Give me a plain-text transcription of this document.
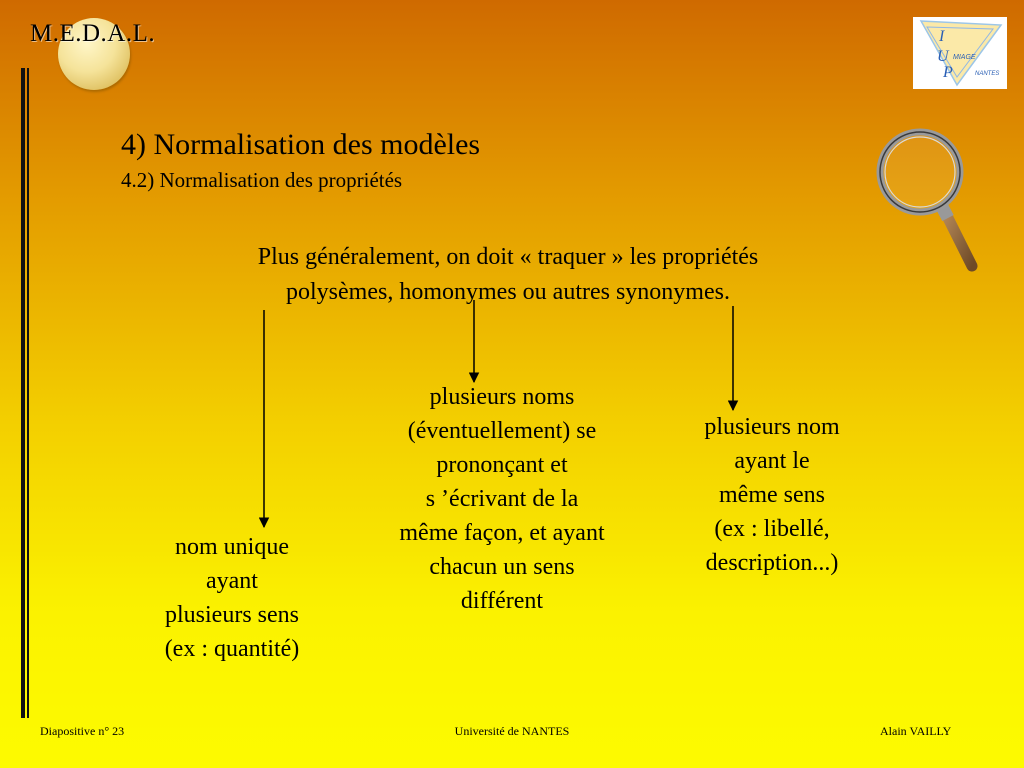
M.E.D.A.L.	I
U
P
MIAGE
NANTES
4) Normalisation des modèles
4.2) Normalisation des propriétés
Plus généralement, on doit « traquer » les propriétés
polysèmes, homonymes ou autres synonymes.
nom unique
ayant
plusieurs sens
(ex : quantité)
plusieurs noms
(éventuellement) se
prononçant et
s ’écrivant de la
même façon, et ayant
chacun un sens
différent
plusieurs nom
ayant le
même sens
(ex : libellé,
description...)
Diapositive n° 23	Université de NANTES	Alain VAILLY
